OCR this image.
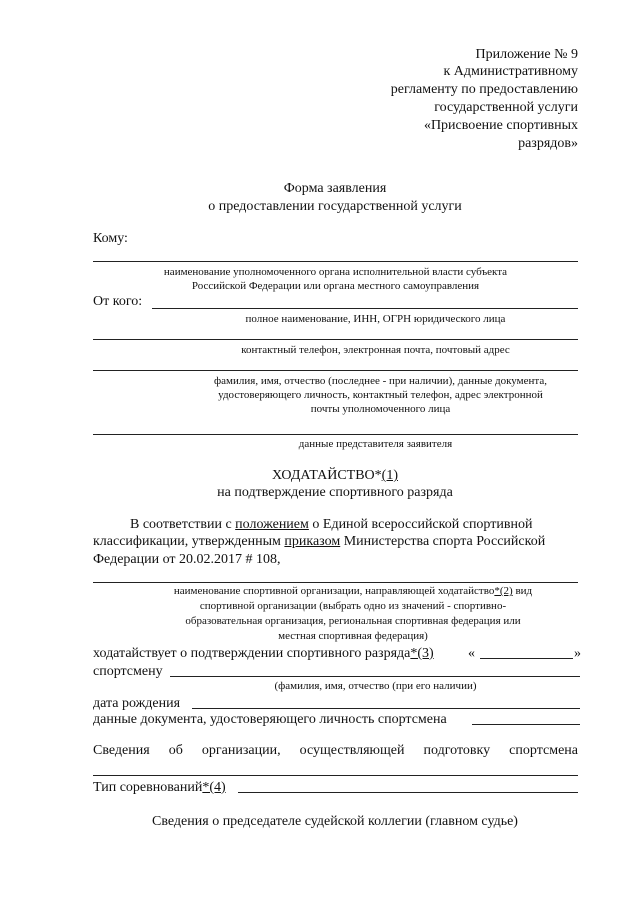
Приложение № 9
к Административному
регламенту по предоставлению
государственной услуги
«Присвоение спортивных
разрядов»
Форма заявления
о предоставлении государственной услуги
Кому:
наименование уполномоченного органа исполнительной власти субъекта
Российской Федерации или органа местного самоуправления
От кого:
полное наименование, ИНН, ОГРН юридического лица
контактный телефон, электронная почта, почтовый адрес
фамилия, имя, отчество (последнее - при наличии), данные документа,
удостоверяющего личность, контактный телефон, адрес электронной
почты уполномоченного лица
данные представителя заявителя
ХОДАТАЙСТВО*(1)
на подтверждение спортивного разряда
В соответствии с положением о Единой всероссийской спортивной
классификации, утвержденным приказом Министерства спорта Российской
Федерации от 20.02.2017 # 108,
наименование спортивной организации, направляющей ходатайство*(2) вид
спортивной организации (выбрать одно из значений - спортивно-
образовательная организация, региональная спортивная федерация или
местная спортивная федерация)
ходатайствует о подтверждении спортивного разряда*(3) «	»
спортсмену
(фамилия, имя, отчество (при его наличии)
дата рождения
данные документа, удостоверяющего личность спортсмена
Сведения об организации, осуществляющей подготовку спортсмена
Тип соревнований*(4)
Сведения о председателе судейской коллегии (главном судье)
